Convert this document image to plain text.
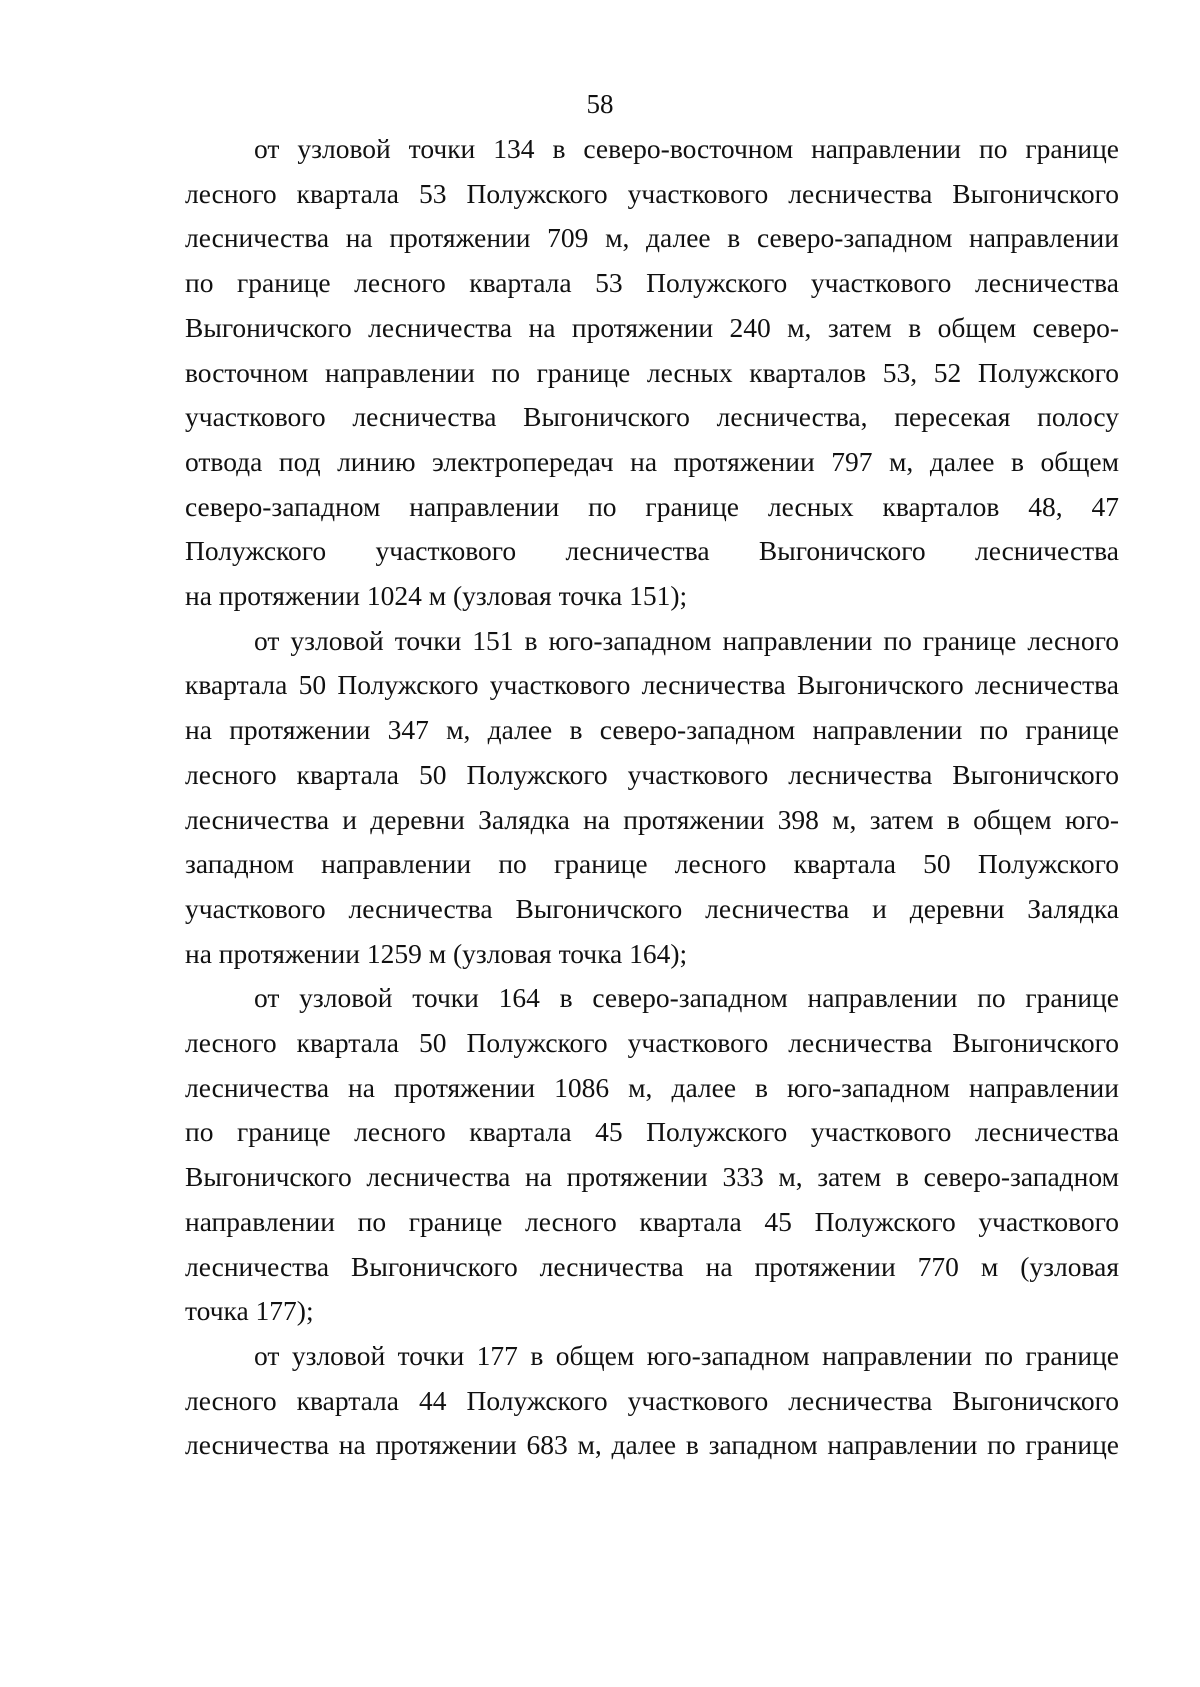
58
от узловой точки 134 в северо-восточном направлении по границе
лесного квартала 53 Полужского участкового лесничества Выгоничского
лесничества на протяжении 709 м, далее в северо-западном направлении
по границе лесного квартала 53 Полужского участкового лесничества
Выгоничского лесничества на протяжении 240 м, затем в общем северо-
восточном направлении по границе лесных кварталов 53, 52 Полужского
участкового лесничества Выгоничского лесничества, пересекая полосу
отвода под линию электропередач на протяжении 797 м, далее в общем
северо-западном направлении по границе лесных кварталов 48, 47
Полужского участкового лесничества Выгоничского лесничества
на протяжении 1024 м (узловая точка 151);
от узловой точки 151 в юго-западном направлении по границе лесного
квартала 50 Полужского участкового лесничества Выгоничского лесничества
на протяжении 347 м, далее в северо-западном направлении по границе
лесного квартала 50 Полужского участкового лесничества Выгоничского
лесничества и деревни Залядка на протяжении 398 м, затем в общем юго-
западном направлении по границе лесного квартала 50 Полужского
участкового лесничества Выгоничского лесничества и деревни Залядка
на протяжении 1259 м (узловая точка 164);
от узловой точки 164 в северо-западном направлении по границе
лесного квартала 50 Полужского участкового лесничества Выгоничского
лесничества на протяжении 1086 м, далее в юго-западном направлении
по границе лесного квартала 45 Полужского участкового лесничества
Выгоничского лесничества на протяжении 333 м, затем в северо-западном
направлении по границе лесного квартала 45 Полужского участкового
лесничества Выгоничского лесничества на протяжении 770 м (узловая
точка 177);
от узловой точки 177 в общем юго-западном направлении по границе
лесного квартала 44 Полужского участкового лесничества Выгоничского
лесничества на протяжении 683 м, далее в западном направлении по границе
